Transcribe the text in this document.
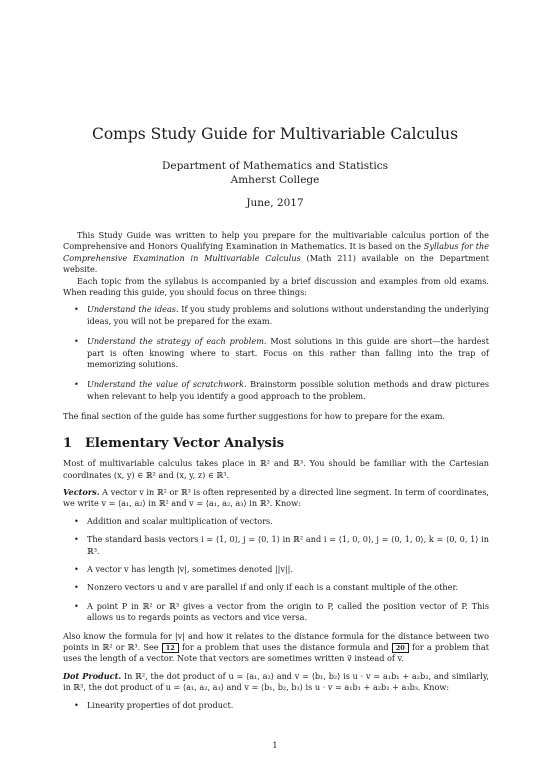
Comps Study Guide for Multivariable Calculus
Department of Mathematics and Statistics
Amherst College
June, 2017

This Study Guide was written to help you prepare for the multivariable calculus portion of the Comprehensive and Honors Qualifying Examination in Mathematics. It is based on the Syllabus for the Comprehensive Examination in Multivariable Calculus (Math 211) available on the Department website.

Each topic from the syllabus is accompanied by a brief discussion and examples from old exams. When reading this guide, you should focus on three things:

• Understand the ideas. If you study problems and solutions without understanding the underlying ideas, you will not be prepared for the exam.
• Understand the strategy of each problem. Most solutions in this guide are short—the hardest part is often knowing where to start. Focus on this rather than falling into the trap of memorizing solutions.
• Understand the value of scratchwork. Brainstorm possible solution methods and draw pictures when relevant to help you identify a good approach to the problem.

The final section of the guide has some further suggestions for how to prepare for the exam.

1 Elementary Vector Analysis

Most of multivariable calculus takes place in ℝ² and ℝ³. You should be familiar with the Cartesian coordinates (x, y) ∈ ℝ² and (x, y, z) ∈ ℝ³.

Vectors. A vector v in ℝ² or ℝ³ is often represented by a directed line segment. In term of coordinates, we write v = ⟨a₁, a₂⟩ in ℝ² and v = ⟨a₁, a₂, a₃⟩ in ℝ³. Know:

• Addition and scalar multiplication of vectors.
• The standard basis vectors i = ⟨1, 0⟩, j = ⟨0, 1⟩ in ℝ² and i = ⟨1, 0, 0⟩, j = ⟨0, 1, 0⟩, k = ⟨0, 0, 1⟩ in ℝ³.
• A vector v has length |v|, sometimes denoted ||v||.
• Nonzero vectors u and v are parallel if and only if each is a constant multiple of the other.
• A point P in ℝ² or ℝ³ gives a vector from the origin to P, called the position vector of P. This allows us to regards points as vectors and vice versa.

Also know the formula for |v| and how it relates to the distance formula for the distance between two points in ℝ² or ℝ³. See 12 for a problem that uses the distance formula and 20 for a problem that uses the length of a vector. Note that vectors are sometimes written v⃗ instead of v.

Dot Product. In ℝ², the dot product of u = ⟨a₁, a₂⟩ and v = ⟨b₁, b₂⟩ is u · v = a₁b₁ + a₂b₂, and similarly, in ℝ³, the dot product of u = ⟨a₁, a₂, a₃⟩ and v = ⟨b₁, b₂, b₃⟩ is u · v = a₁b₁ + a₂b₂ + a₃b₃. Know:

• Linearity properties of dot product.
1
